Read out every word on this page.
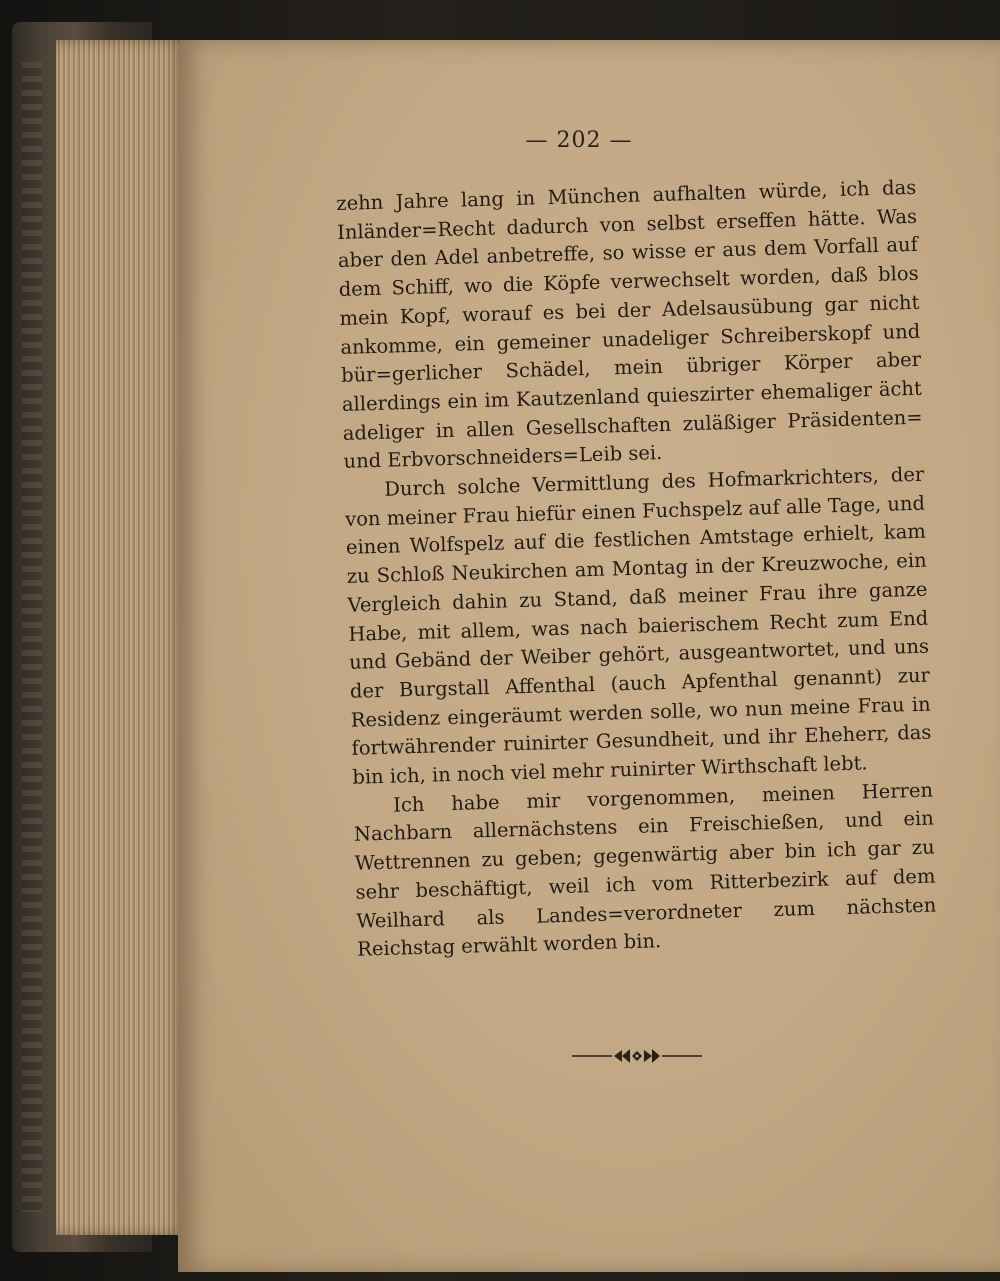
— 202 —

zehn Jahre lang in München aufhalten würde, ich das Inländer=Recht dadurch von selbst erseffen hätte. Was aber den Adel anbetreffe, so wisse er aus dem Vorfall auf dem Schiff, wo die Köpfe verwechselt worden, daß blos mein Kopf, worauf es bei der Adelsausübung gar nicht ankomme, ein gemeiner unadeliger Schreiberskopf und bür=gerlicher Schädel, mein übriger Körper aber allerdings ein im Kautzenland quieszirter ehemaliger ächt adeliger in allen Gesellschaften zuläßiger Präsidenten= und Erbvorschneiders=Leib sei.

Durch solche Vermittlung des Hofmarkrichters, der von meiner Frau hiefür einen Fuchspelz auf alle Tage, und einen Wolfspelz auf die festlichen Amtstage erhielt, kam zu Schloß Neukirchen am Montag in der Kreuzwoche, ein Vergleich dahin zu Stand, daß meiner Frau ihre ganze Habe, mit allem, was nach baierischem Recht zum End und Gebänd der Weiber gehört, ausgeantwortet, und uns der Burgstall Affenthal (auch Apfenthal genannt) zur Residenz eingeräumt werden solle, wo nun meine Frau in fortwährender ruinirter Gesundheit, und ihr Eheherr, das bin ich, in noch viel mehr ruinirter Wirthschaft lebt.

Ich habe mir vorgenommen, meinen Herren Nachbarn allernächstens ein Freischießen, und ein Wettrennen zu geben; gegenwärtig aber bin ich gar zu sehr beschäftigt, weil ich vom Ritterbezirk auf dem Weilhard als Landes=verordneter zum nächsten Reichstag erwählt worden bin.
